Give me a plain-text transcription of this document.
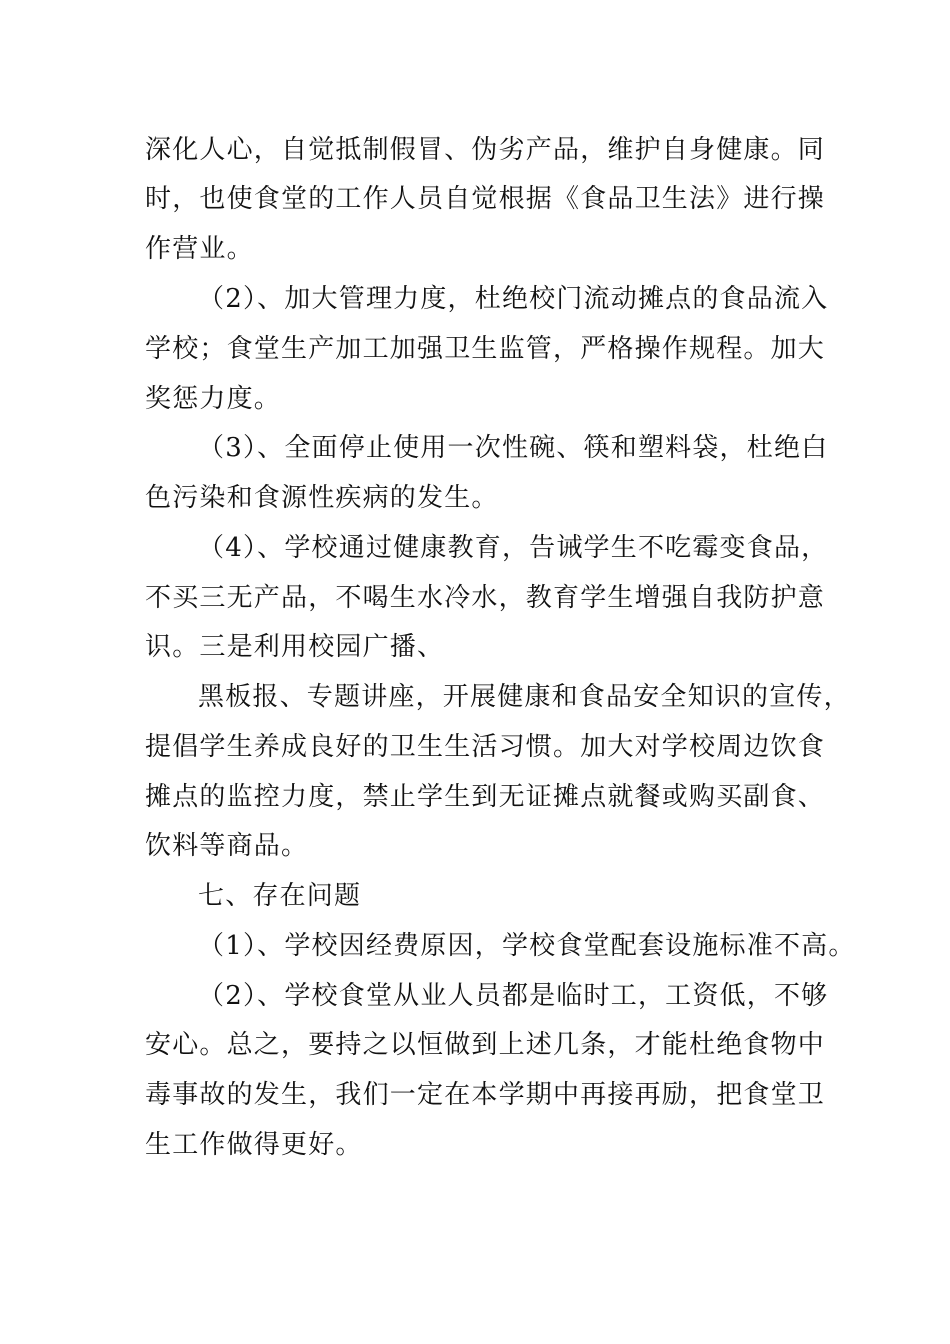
深化人心，自觉抵制假冒、伪劣产品，维护自身健康。同
时，也使食堂的工作人员自觉根据《食品卫生法》进行操
作营业。
（2）、加大管理力度，杜绝校门流动摊点的食品流入
学校；食堂生产加工加强卫生监管，严格操作规程。加大
奖惩力度。
（3）、全面停止使用一次性碗、筷和塑料袋，杜绝白
色污染和食源性疾病的发生。
（4）、学校通过健康教育，告诫学生不吃霉变食品，
不买三无产品，不喝生水冷水，教育学生增强自我防护意
识。三是利用校园广播、
黑板报、专题讲座，开展健康和食品安全知识的宣传，
提倡学生养成良好的卫生生活习惯。加大对学校周边饮食
摊点的监控力度，禁止学生到无证摊点就餐或购买副食、
饮料等商品。
七、存在问题
（1）、学校因经费原因，学校食堂配套设施标准不高。
（2）、学校食堂从业人员都是临时工，工资低，不够
安心。总之，要持之以恒做到上述几条，才能杜绝食物中
毒事故的发生，我们一定在本学期中再接再励，把食堂卫
生工作做得更好。
